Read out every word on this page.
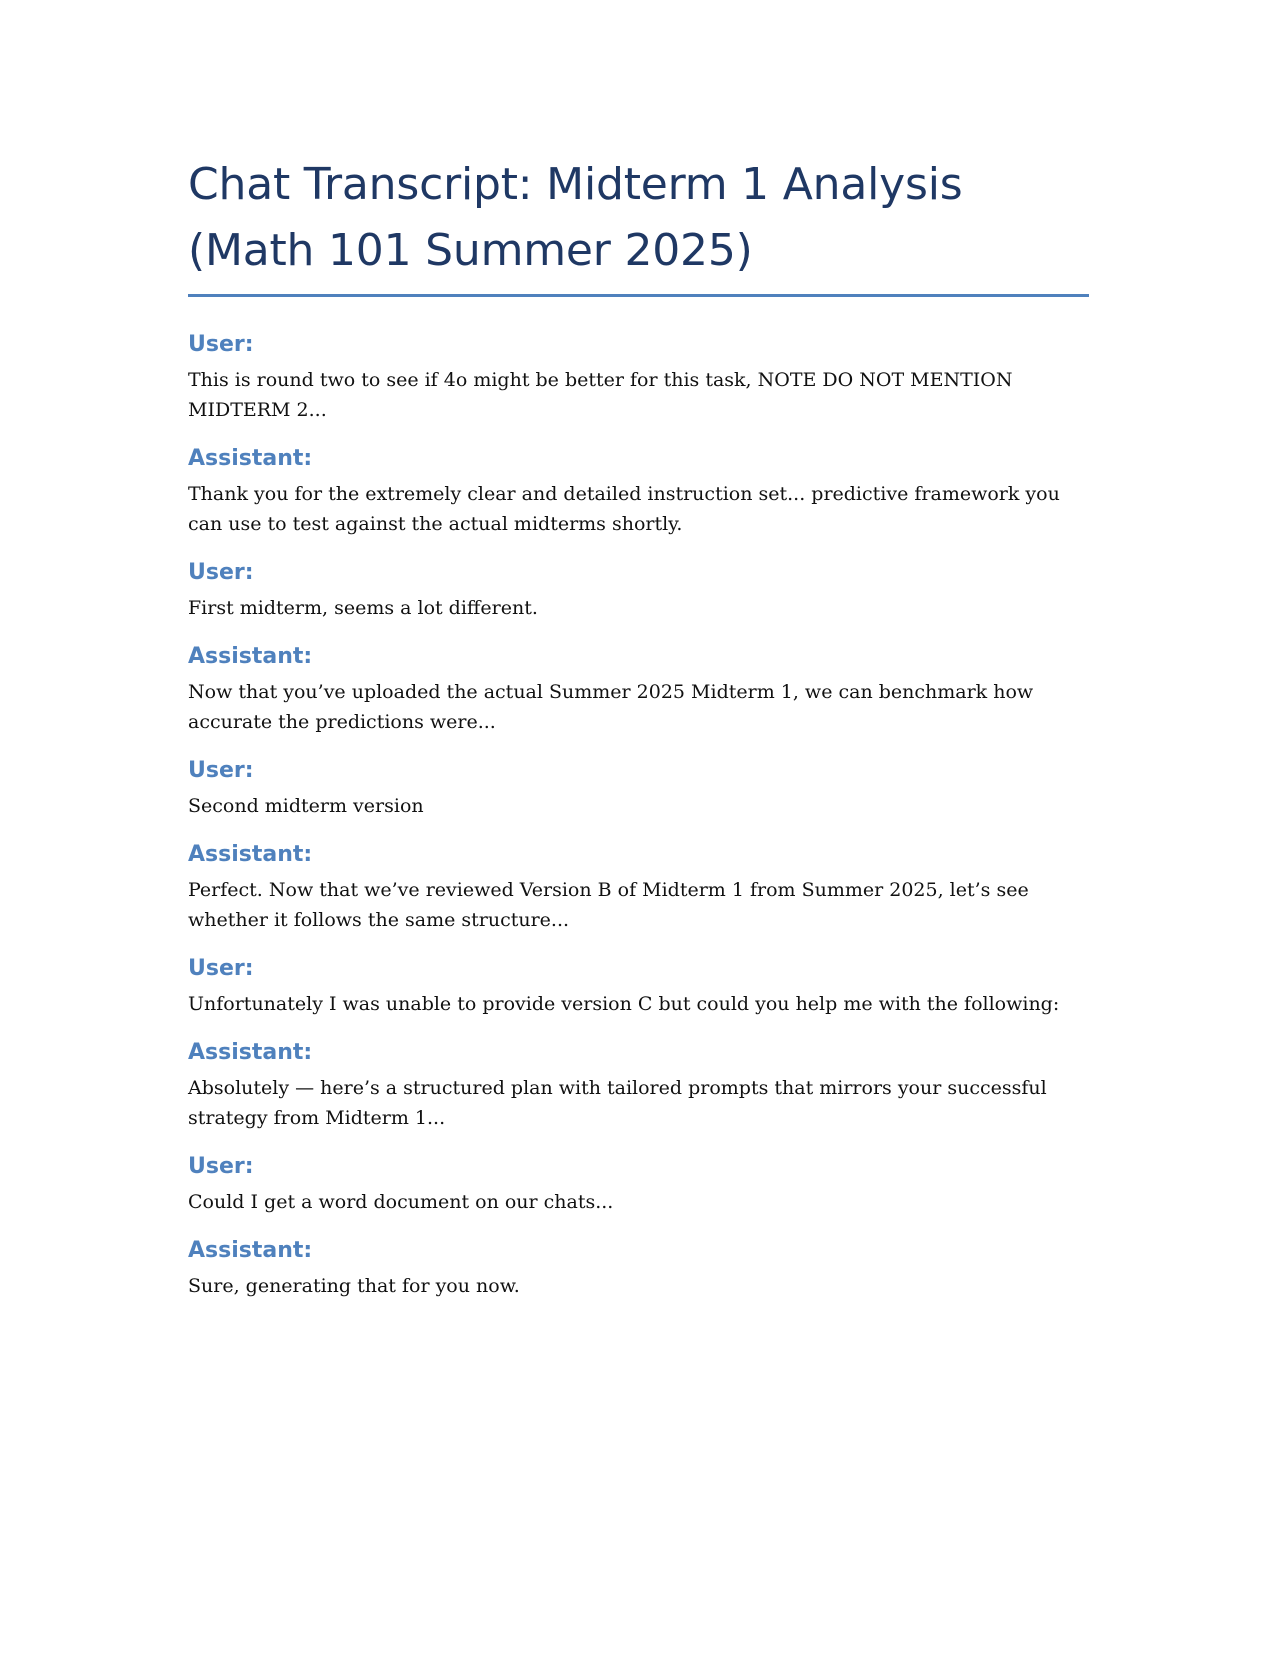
Chat Transcript: Midterm 1 Analysis (Math 101 Summer 2025)
User:

This is round two to see if 4o might be better for this task, NOTE DO NOT MENTION MIDTERM 2...

Assistant:

Thank you for the extremely clear and detailed instruction set... predictive framework you can use to test against the actual midterms shortly.

User:

First midterm, seems a lot different.

Assistant:

Now that you’ve uploaded the actual Summer 2025 Midterm 1, we can benchmark how accurate the predictions were...

User:

Second midterm version

Assistant:

Perfect. Now that we’ve reviewed Version B of Midterm 1 from Summer 2025, let’s see whether it follows the same structure...

User:

Unfortunately I was unable to provide version C but could you help me with the following:

Assistant:

Absolutely — here’s a structured plan with tailored prompts that mirrors your successful strategy from Midterm 1...

User:

Could I get a word document on our chats...

Assistant:

Sure, generating that for you now.
